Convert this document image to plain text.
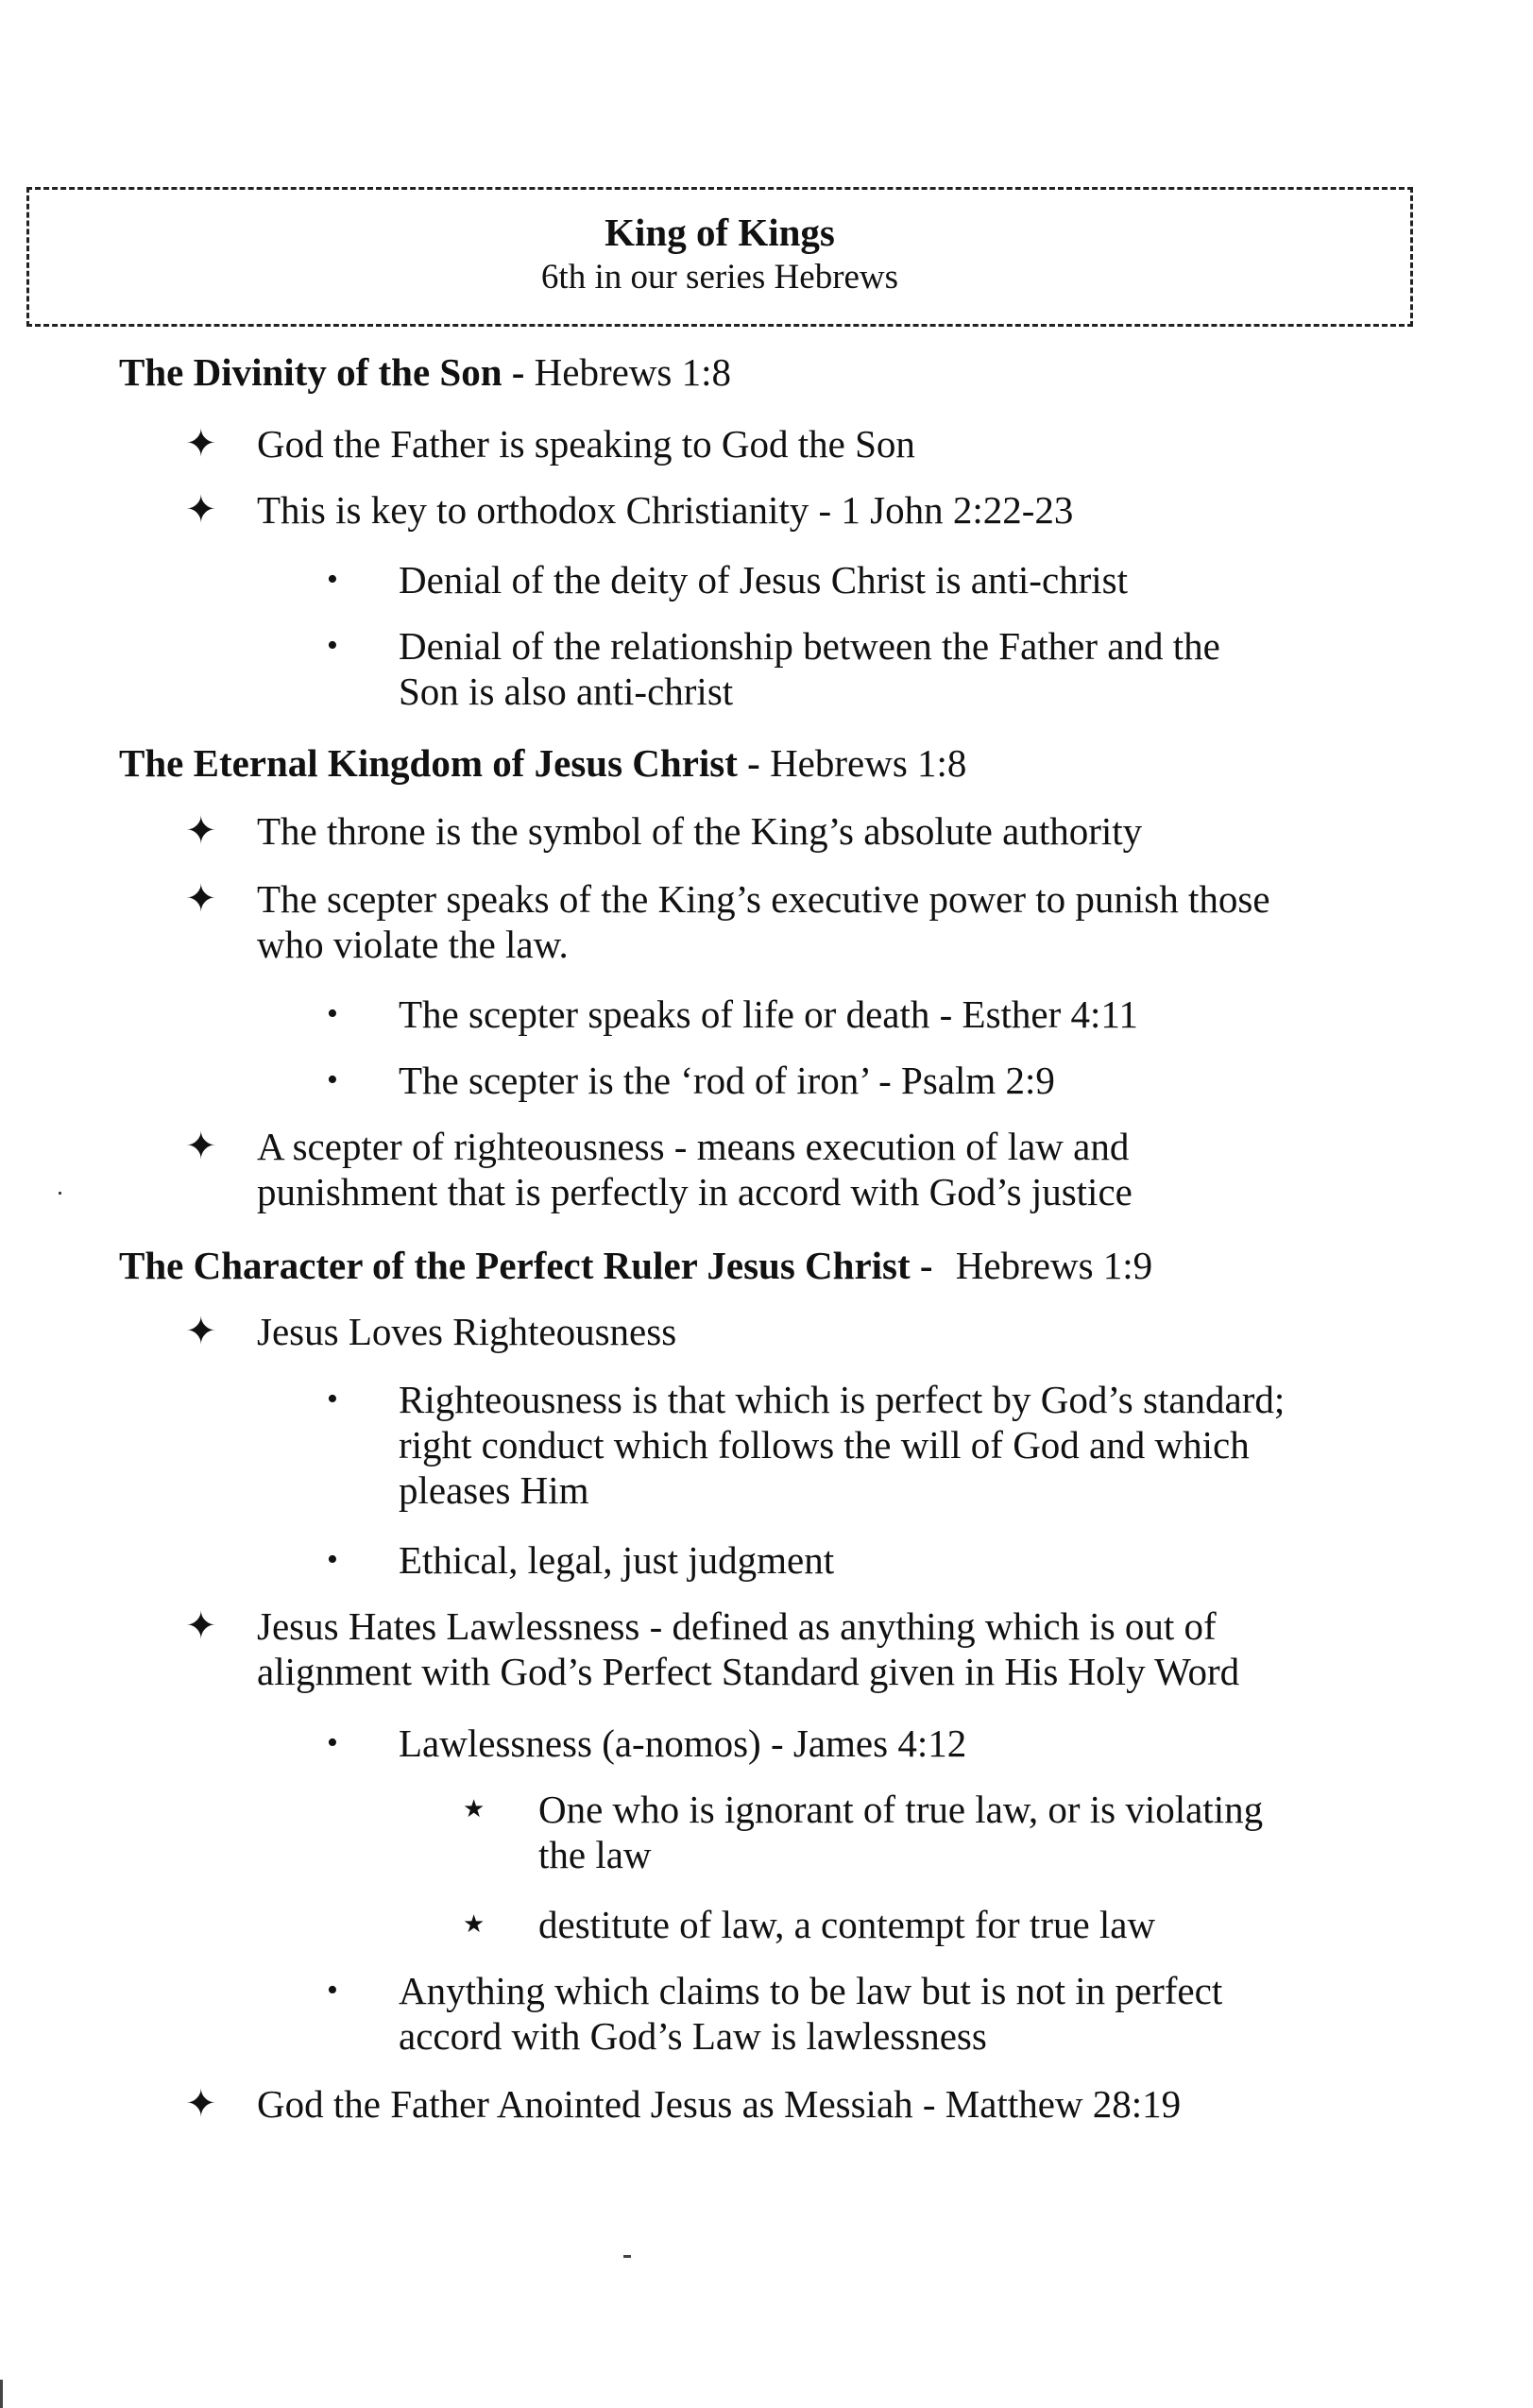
King of Kings
6th in our series Hebrews
The Divinity of the Son - Hebrews 1:8
✦ God the Father is speaking to God the Son
✦ This is key to orthodox Christianity - 1 John 2:22-23
• Denial of the deity of Jesus Christ is anti-christ
• Denial of the relationship between the Father and the
Son is also anti-christ
The Eternal Kingdom of Jesus Christ - Hebrews 1:8
✦ The throne is the symbol of the King’s absolute authority
✦ The scepter speaks of the King’s executive power to punish those
who violate the law.
• The scepter speaks of life or death - Esther 4:11
• The scepter is the ‘rod of iron’ - Psalm 2:9
✦ A scepter of righteousness - means execution of law and
punishment that is perfectly in accord with God’s justice
The Character of the Perfect Ruler Jesus Christ - Hebrews 1:9
✦ Jesus Loves Righteousness
• Righteousness is that which is perfect by God’s standard;
right conduct which follows the will of God and which
pleases Him
• Ethical, legal, just judgment
✦ Jesus Hates Lawlessness - defined as anything which is out of
alignment with God’s Perfect Standard given in His Holy Word
• Lawlessness (a-nomos) - James 4:12
★ One who is ignorant of true law, or is violating
the law
★ destitute of law, a contempt for true law
• Anything which claims to be law but is not in perfect
accord with God’s Law is lawlessness
✦ God the Father Anointed Jesus as Messiah - Matthew 28:19
